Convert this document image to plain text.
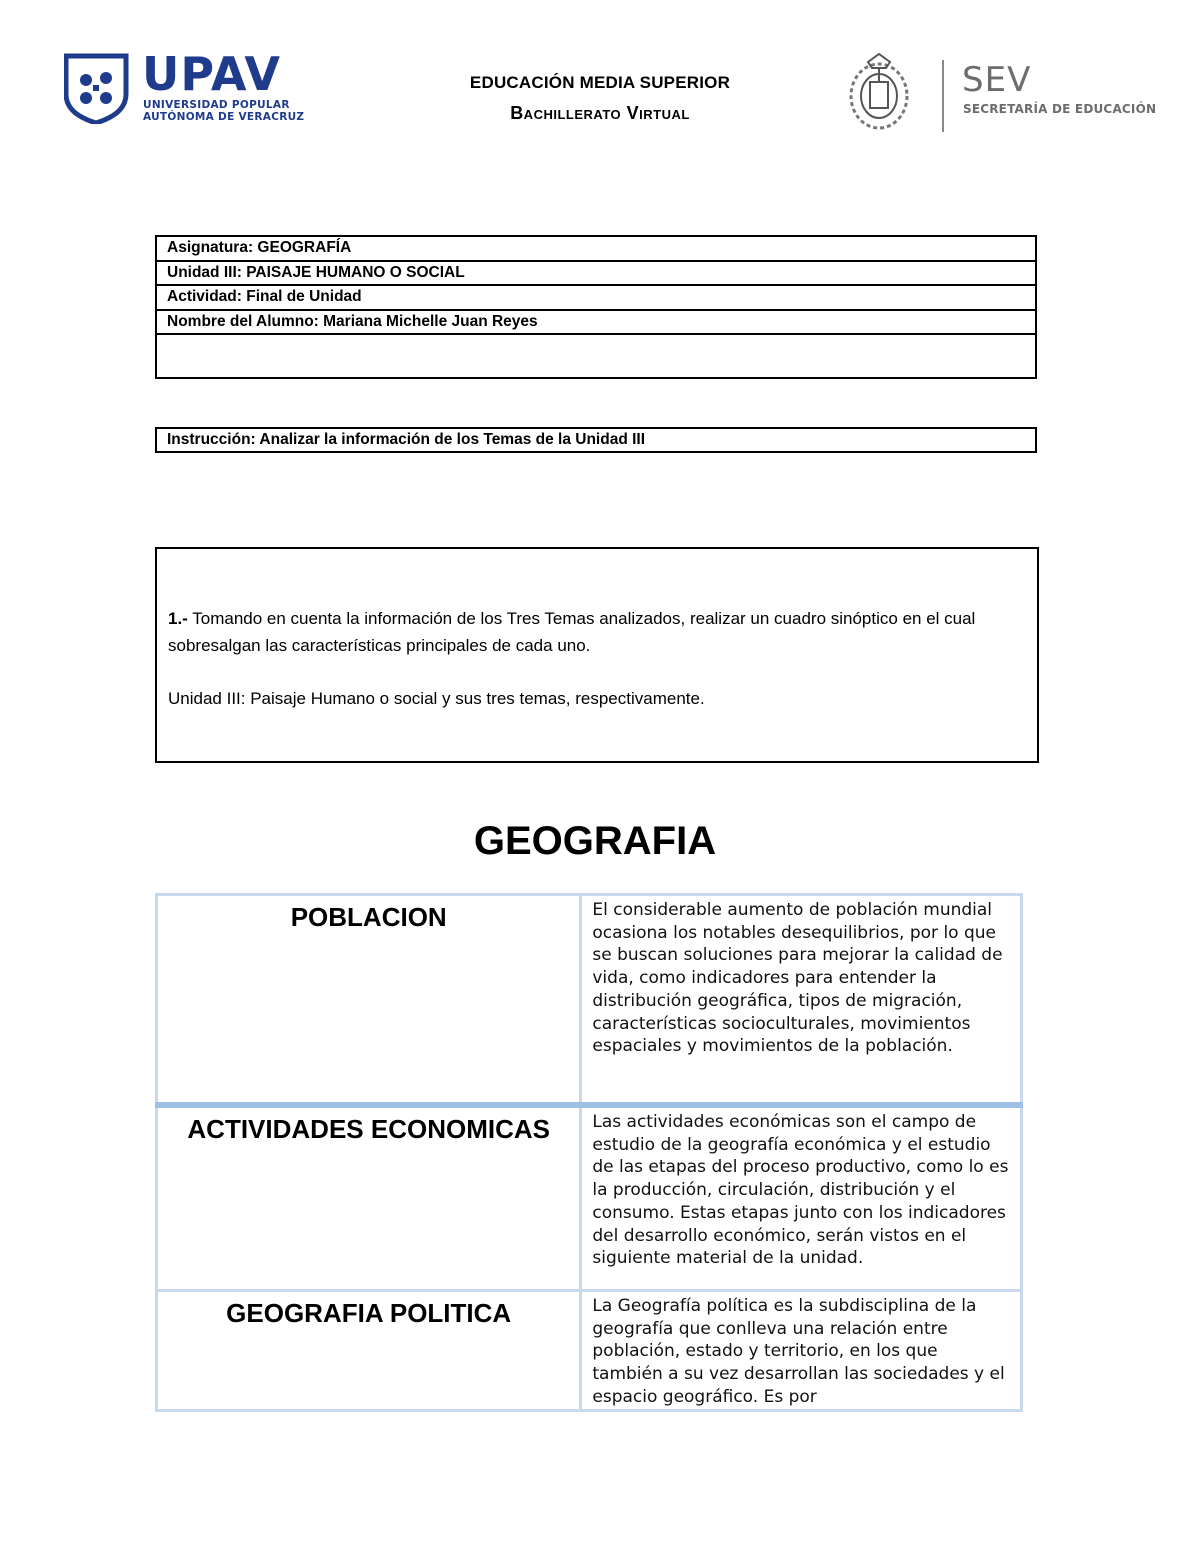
UPAV
UNIVERSIDAD POPULAR
AUTÓNOMA DE VERACRUZ
EDUCACIÓN MEDIA SUPERIOR
Bachillerato Virtual
SEV
SECRETARÍA DE EDUCACIÓN
Asignatura: GEOGRAFÍA
Unidad III: PAISAJE HUMANO O SOCIAL
Actividad: Final de Unidad
Nombre del Alumno: Mariana Michelle Juan Reyes
Instrucción: Analizar la información de los Temas de la Unidad III

1.- Tomando en cuenta la información de los Tres Temas analizados, realizar un cuadro sinóptico en el cual sobresalgan las características principales de cada uno.

Unidad III: Paisaje Humano o social y sus tres temas, respectivamente.

GEOGRAFIA
POBLACION	El considerable aumento de población mundial ocasiona los notables desequilibrios, por lo que se buscan soluciones para mejorar la calidad de vida, como indicadores para entender la distribución geográfica, tipos de migración, características socioculturales, movimientos espaciales y movimientos de la población.

ACTIVIDADES ECONOMICAS	Las actividades económicas son el campo de estudio de la geografía económica y el estudio de las etapas del proceso productivo, como lo es la producción, circulación, distribución y el consumo. Estas etapas junto con los indicadores del desarrollo económico, serán vistos en el siguiente material de la unidad.

GEOGRAFIA POLITICA	La Geografía política es la subdisciplina de la geografía que conlleva una relación entre población, estado y territorio, en los que también a su vez desarrollan las sociedades y el espacio geográfico. Es por
